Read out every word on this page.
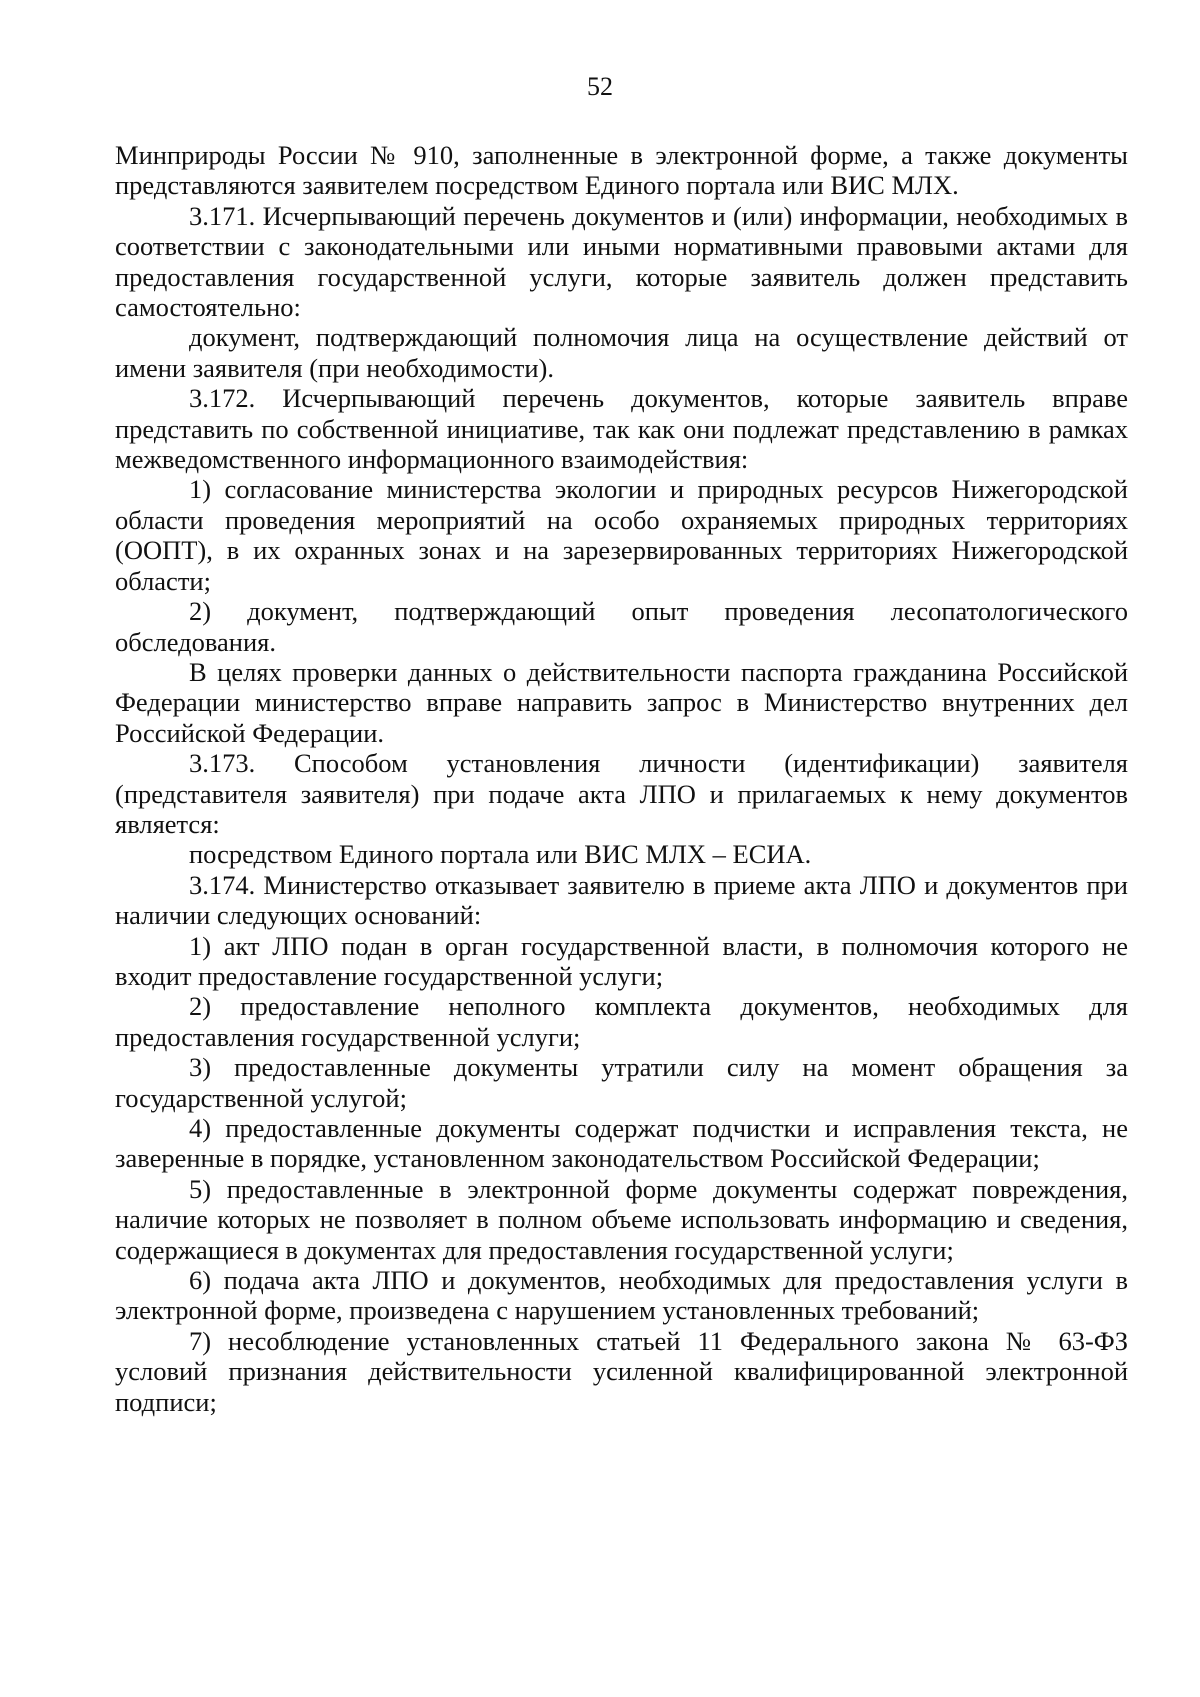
52

Минприроды России № 910, заполненные в электронной форме, а также документы представляются заявителем посредством Единого портала или ВИС МЛХ.

3.171. Исчерпывающий перечень документов и (или) информации, необходимых в соответствии с законодательными или иными нормативными правовыми актами для предоставления государственной услуги, которые заявитель должен представить самостоятельно:

документ, подтверждающий полномочия лица на осуществление действий от имени заявителя (при необходимости).

3.172. Исчерпывающий перечень документов, которые заявитель вправе представить по собственной инициативе, так как они подлежат представлению в рамках межведомственного информационного взаимодействия:

1) согласование министерства экологии и природных ресурсов Нижегородской области проведения мероприятий на особо охраняемых природных территориях (ООПТ), в их охранных зонах и на зарезервированных территориях Нижегородской области;

2) документ, подтверждающий опыт проведения лесопатологического обследования.

В целях проверки данных о действительности паспорта гражданина Российской Федерации министерство вправе направить запрос в Министерство внутренних дел Российской Федерации.

3.173. Способом установления личности (идентификации) заявителя (представителя заявителя) при подаче акта ЛПО и прилагаемых к нему документов является:

посредством Единого портала или ВИС МЛХ – ЕСИА.

3.174. Министерство отказывает заявителю в приеме акта ЛПО и документов при наличии следующих оснований:

1) акт ЛПО подан в орган государственной власти, в полномочия которого не входит предоставление государственной услуги;

2) предоставление неполного комплекта документов, необходимых для предоставления государственной услуги;

3) предоставленные документы утратили силу на момент обращения за государственной услугой;

4) предоставленные документы содержат подчистки и исправления текста, не заверенные в порядке, установленном законодательством Российской Федерации;

5) предоставленные в электронной форме документы содержат повреждения, наличие которых не позволяет в полном объеме использовать информацию и сведения, содержащиеся в документах для предоставления государственной услуги;

6) подача акта ЛПО и документов, необходимых для предоставления услуги в электронной форме, произведена с нарушением установленных требований;

7) несоблюдение установленных статьей 11 Федерального закона № 63-ФЗ условий признания действительности усиленной квалифицированной электронной подписи;
